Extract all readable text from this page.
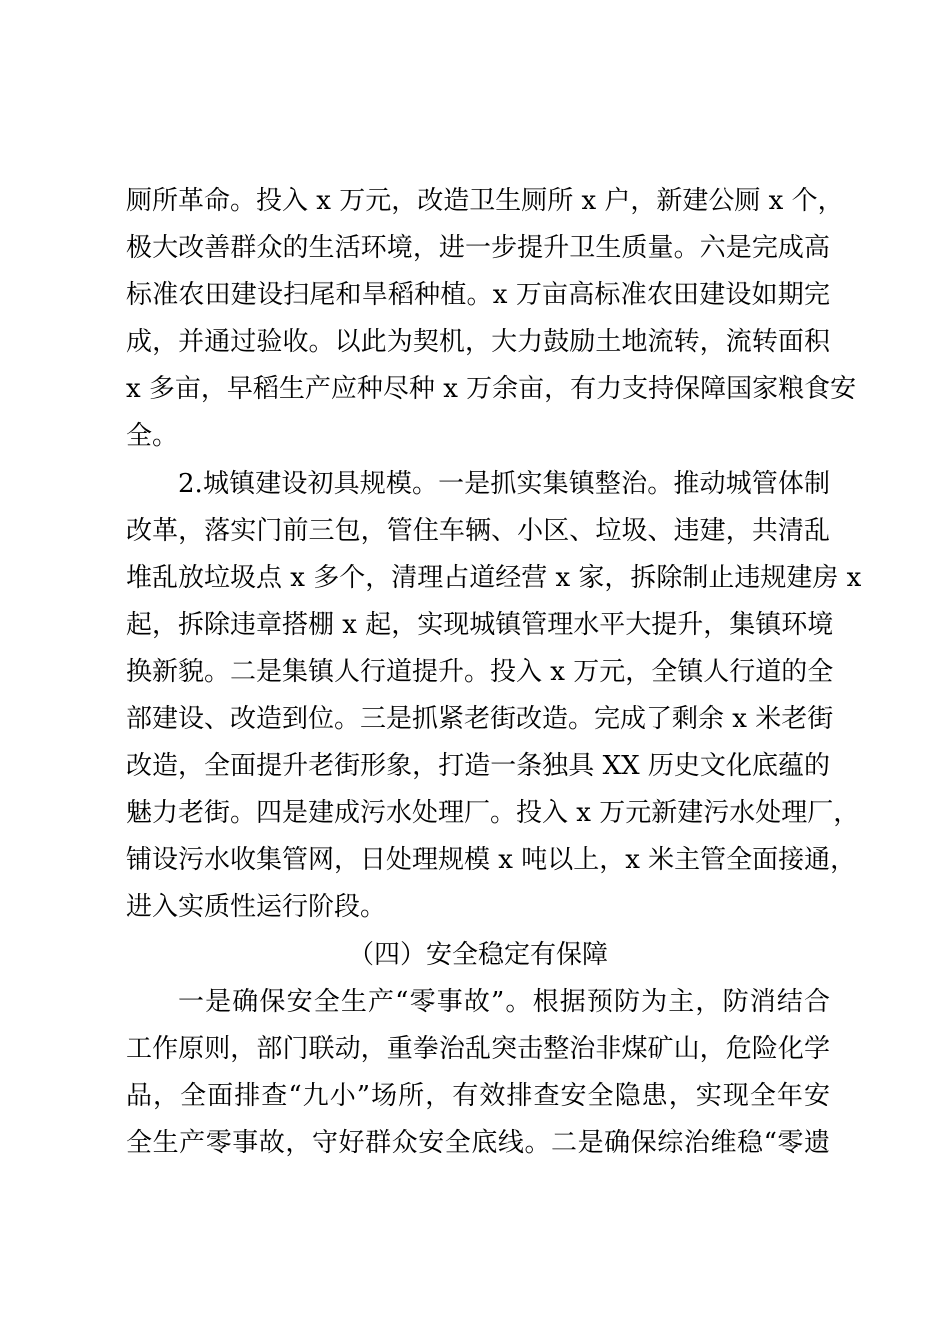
厕所革命。投入 x 万元，改造卫生厕所 x 户，新建公厕 x 个，
极大改善群众的生活环境，进一步提升卫生质量。六是完成高
标准农田建设扫尾和旱稻种植。x 万亩高标准农田建设如期完
成，并通过验收。以此为契机，大力鼓励土地流转，流转面积
x 多亩，早稻生产应种尽种 x 万余亩，有力支持保障国家粮食安
全。
2.城镇建设初具规模。一是抓实集镇整治。推动城管体制
改革，落实门前三包，管住车辆、小区、垃圾、违建，共清乱
堆乱放垃圾点 x 多个，清理占道经营 x 家，拆除制止违规建房 x
起，拆除违章搭棚 x 起，实现城镇管理水平大提升，集镇环境
换新貌。二是集镇人行道提升。投入 x 万元，全镇人行道的全
部建设、改造到位。三是抓紧老街改造。完成了剩余 x 米老街
改造，全面提升老街形象，打造一条独具 XX 历史文化底蕴的
魅力老街。四是建成污水处理厂。投入 x 万元新建污水处理厂，
铺设污水收集管网，日处理规模 x 吨以上，x 米主管全面接通，
进入实质性运行阶段。
（四）安全稳定有保障
一是确保安全生产“零事故”。根据预防为主，防消结合
工作原则，部门联动，重拳治乱突击整治非煤矿山，危险化学
品，全面排查“九小”场所，有效排查安全隐患，实现全年安
全生产零事故，守好群众安全底线。二是确保综治维稳“零遗
